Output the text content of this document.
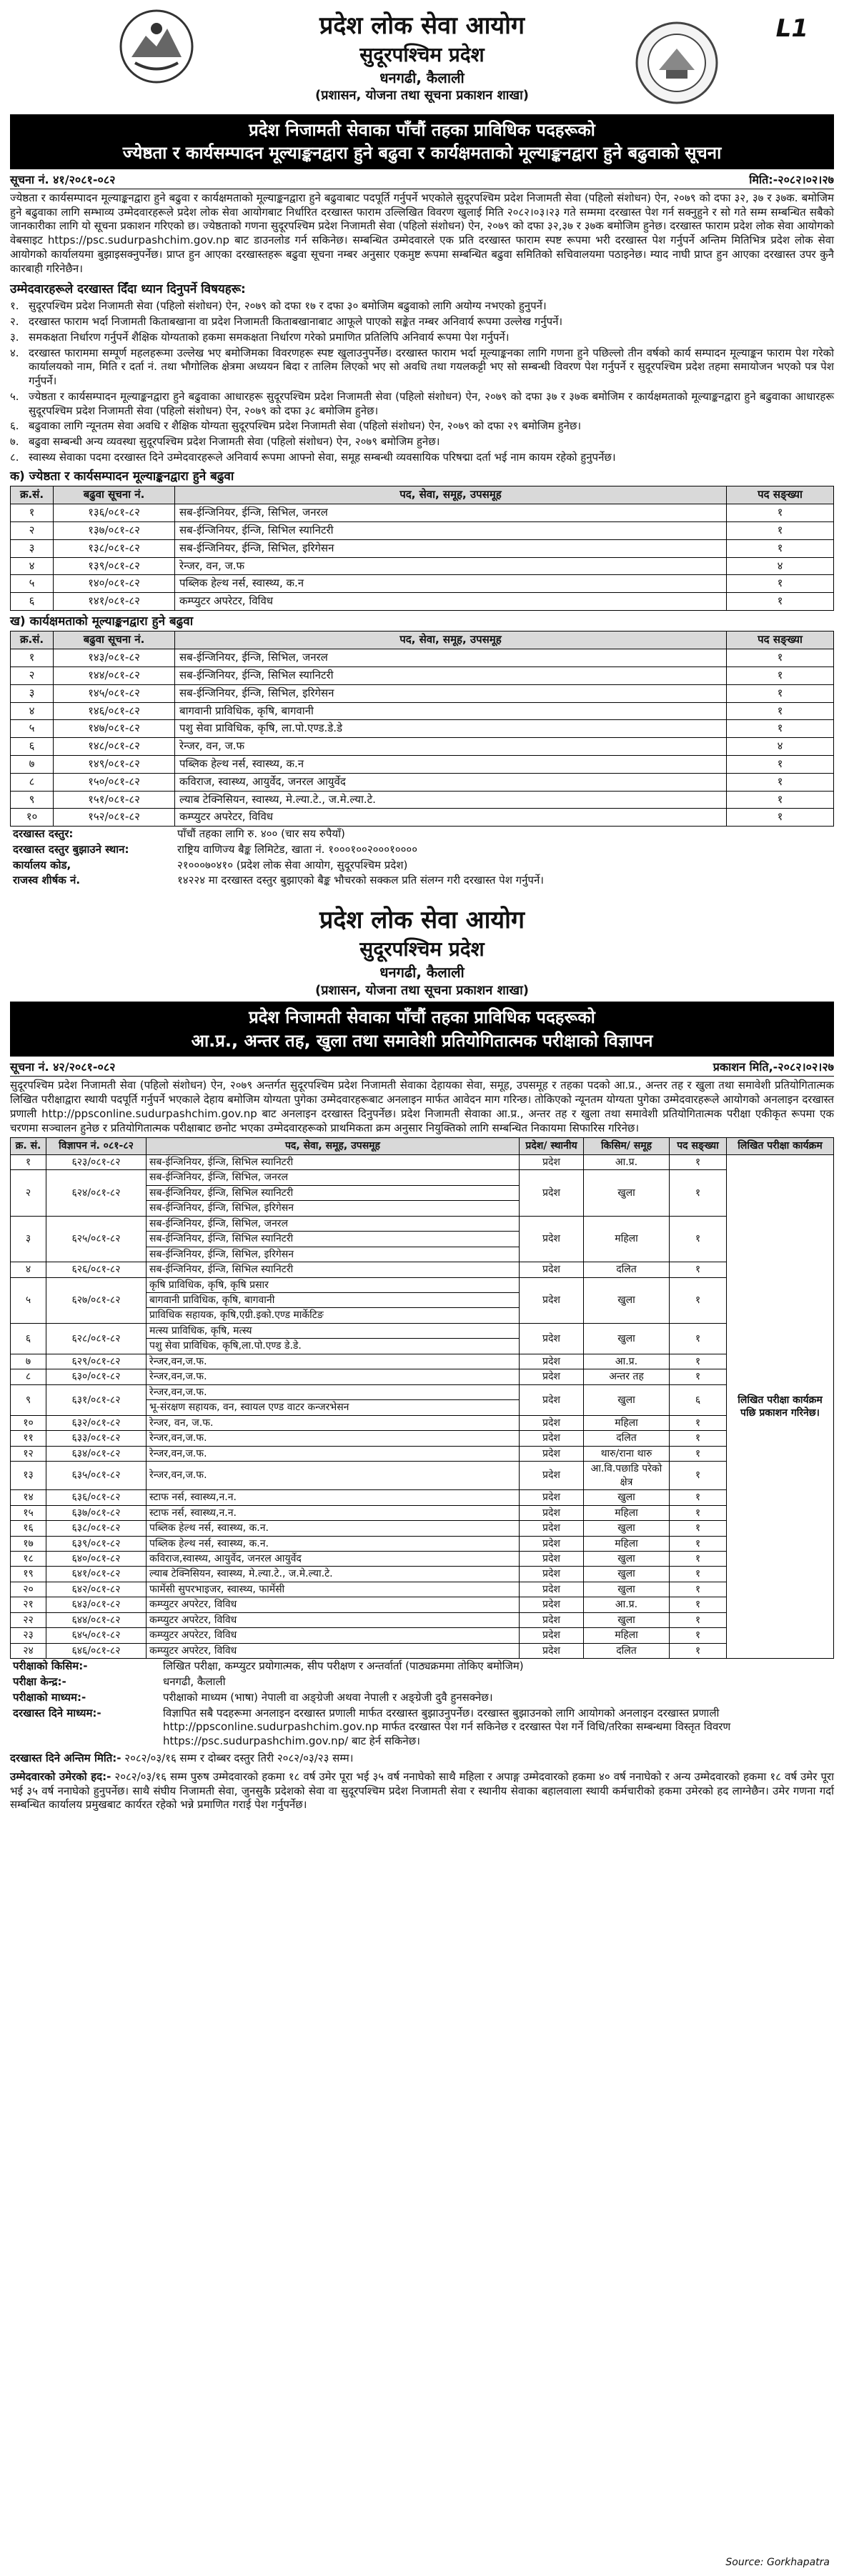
प्रदेश लोक सेवा आयोग
सुदूरपश्चिम प्रदेश
धनगढी, कैलाली
(प्रशासन, योजना तथा सूचना प्रकाशन शाखा)
L1
प्रदेश निजामती सेवाका पाँचौं तहका प्राविधिक पदहरूको
ज्येष्ठता र कार्यसम्पादन मूल्याङ्कनद्वारा हुने बढुवा र कार्यक्षमताको मूल्याङ्कनद्वारा हुने बढुवाको सूचना
सूचना नं. ४१/२०८१-०८२	मिति:-२०८२।०२।२७
ज्येष्ठता र कार्यसम्पादन मूल्याङ्कनद्वारा हुने बढुवा र कार्यक्षमताको मूल्याङ्कनद्वारा हुने बढुवाबाट पदपूर्ति गर्नुपर्ने भएकोले सुदूरपश्चिम प्रदेश निजामती सेवा (पहिलो संशोधन) ऐन, २०७९ को दफा ३२, ३७ र ३७क. बमोजिम हुने बढुवाका लागि सम्भाव्य उम्मेदवारहरूले प्रदेश लोक सेवा आयोगबाट निर्धारित दरखास्त फाराम उल्लिखित विवरण खुलाई मिति २०८२।०३।२३ गते सम्ममा दरखास्त पेश गर्न सक्नुहुने र सो गते सम्म सम्बन्धित सबैको जानकारीका लागि यो सूचना प्रकाशन गरिएको छ। ज्येष्ठताको गणना सुदूरपश्चिम प्रदेश निजामती सेवा (पहिलो संशोधन) ऐन, २०७९ को दफा ३२,३७ र ३७क बमोजिम हुनेछ। दरखास्त फाराम प्रदेश लोक सेवा आयोगको वेबसाइट https://psc.sudurpashchim.gov.np बाट डाउनलोड गर्न सकिनेछ। सम्बन्धित उम्मेदवारले एक प्रति दरखास्त फाराम स्पष्ट रूपमा भरी दरखास्त पेश गर्नुपर्ने अन्तिम मितिभित्र प्रदेश लोक सेवा आयोगको कार्यालयमा बुझाइसक्नुपर्नेछ। प्राप्त हुन आएका दरखास्तहरू बढुवा सूचना नम्बर अनुसार एकमुष्ट रूपमा सम्बन्धित बढुवा समितिको सचिवालयमा पठाइनेछ। म्याद नाघी प्राप्त हुन आएका दरखास्त उपर कुनै कारबाही गरिनेछैन।
उम्मेदवारहरूले दरखास्त दिँदा ध्यान दिनुपर्ने विषयहरू:
१. सुदूरपश्चिम प्रदेश निजामती सेवा (पहिलो संशोधन) ऐन, २०७९ को दफा १७ र दफा ३० बमोजिम बढुवाको लागि अयोग्य नभएको हुनुपर्ने।
२. दरखास्त फाराम भर्दा निजामती किताबखाना वा प्रदेश निजामती किताबखानाबाट आफूले पाएको सङ्केत नम्बर अनिवार्य रूपमा उल्लेख गर्नुपर्ने।
३. समकक्षता निर्धारण गर्नुपर्ने शैक्षिक योग्यताको हकमा समकक्षता निर्धारण गरेको प्रमाणित प्रतिलिपि अनिवार्य रूपमा पेश गर्नुपर्ने।
४. दरखास्त फाराममा सम्पूर्ण महलहरूमा उल्लेख भए बमोजिमका विवरणहरू स्पष्ट खुलाउनुपर्नेछ। दरखास्त फाराम भर्दा मूल्याङ्कनका लागि गणना हुने पछिल्लो तीन वर्षको कार्य सम्पादन मूल्याङ्कन फाराम पेश गरेको कार्यालयको नाम, मिति र दर्ता नं. तथा भौगोलिक क्षेत्रमा अध्ययन बिदा र तालिम लिएको भए सो अवधि तथा गयलकट्टी भए सो सम्बन्धी विवरण पेश गर्नुपर्ने र सुदूरपश्चिम प्रदेश तहमा समायोजन भएको पत्र पेश गर्नुपर्ने।
५. ज्येष्ठता र कार्यसम्पादन मूल्याङ्कनद्वारा हुने बढुवाका आधारहरू सुदूरपश्चिम प्रदेश निजामती सेवा (पहिलो संशोधन) ऐन, २०७९ को दफा ३७ र ३७क बमोजिम र कार्यक्षमताको मूल्याङ्कनद्वारा हुने बढुवाका आधारहरू सुदूरपश्चिम प्रदेश निजामती सेवा (पहिलो संशोधन) ऐन, २०७९ को दफा ३८ बमोजिम हुनेछ।
६. बढुवाका लागि न्यूनतम सेवा अवधि र शैक्षिक योग्यता सुदूरपश्चिम प्रदेश निजामती सेवा (पहिलो संशोधन) ऐन, २०७९ को दफा २९ बमोजिम हुनेछ।
७. बढुवा सम्बन्धी अन्य व्यवस्था सुदूरपश्चिम प्रदेश निजामती सेवा (पहिलो संशोधन) ऐन, २०७९ बमोजिम हुनेछ।
८. स्वास्थ्य सेवाका पदमा दरखास्त दिने उम्मेदवारहरूले अनिवार्य रूपमा आफ्नो सेवा, समूह सम्बन्धी व्यवसायिक परिषद्मा दर्ता भई नाम कायम रहेको हुनुपर्नेछ।
क) ज्येष्ठता र कार्यसम्पादन मूल्याङ्कनद्वारा हुने बढुवा
क्र.सं.	बढुवा सूचना नं.	पद, सेवा, समूह, उपसमूह	पद सङ्ख्या
१	१३६/०८१-८२	सब-ईन्जिनियर, ईन्जि, सिभिल, जनरल	१
२	१३७/०८१-८२	सब-ईन्जिनियर, ईन्जि, सिभिल स्यानिटरी	१
३	१३८/०८१-८२	सब-ईन्जिनियर, ईन्जि, सिभिल, इरिगेसन	१
४	१३९/०८१-८२	रेन्जर, वन, ज.फ	४
५	१४०/०८१-८२	पब्लिक हेल्थ नर्स, स्वास्थ्य, क.न	१
६	१४१/०८१-८२	कम्प्युटर अपरेटर, विविध	१
ख) कार्यक्षमताको मूल्याङ्कनद्वारा हुने बढुवा
क्र.सं.	बढुवा सूचना नं.	पद, सेवा, समूह, उपसमूह	पद सङ्ख्या
१	१४३/०८१-८२	सब-ईन्जिनियर, ईन्जि, सिभिल, जनरल	१
२	१४४/०८१-८२	सब-ईन्जिनियर, ईन्जि, सिभिल स्यानिटरी	१
३	१४५/०८१-८२	सब-ईन्जिनियर, ईन्जि, सिभिल, इरिगेसन	१
४	१४६/०८१-८२	बागवानी प्राविधिक, कृषि, बागवानी	१
५	१४७/०८१-८२	पशु सेवा प्राविधिक, कृषि, ला.पो.एण्ड.डे.डे	१
६	१४८/०८१-८२	रेन्जर, वन, ज.फ	४
७	१४९/०८१-८२	पब्लिक हेल्थ नर्स, स्वास्थ्य, क.न	१
८	१५०/०८१-८२	कविराज, स्वास्थ्य, आयुर्वेद, जनरल आयुर्वेद	१
९	१५१/०८१-८२	ल्याब टेक्निसियन, स्वास्थ्य, मे.ल्या.टे., ज.मे.ल्या.टे.	१
१०	१५२/०८१-८२	कम्प्युटर अपरेटर, विविध	१
दरखास्त दस्तुर:	पाँचौं तहका लागि रु. ४०० (चार सय रुपैयाँ)
दरखास्त दस्तुर बुझाउने स्थान:	राष्ट्रिय वाणिज्य बैङ्क लिमिटेड, खाता नं. १०००१००२०००१००००
कार्यालय कोड,	२१०००७०४१० (प्रदेश लोक सेवा आयोग, सुदूरपश्चिम प्रदेश)
राजस्व शीर्षक नं.	१४२२४ मा दरखास्त दस्तुर बुझाएको बैङ्क भौचरको सक्कल प्रति संलग्न गरी दरखास्त पेश गर्नुपर्ने।
प्रदेश लोक सेवा आयोग
सुदूरपश्चिम प्रदेश
धनगढी, कैलाली
(प्रशासन, योजना तथा सूचना प्रकाशन शाखा)
प्रदेश निजामती सेवाका पाँचौं तहका प्राविधिक पदहरूको
आ.प्र., अन्तर तह, खुला तथा समावेशी प्रतियोगितात्मक परीक्षाको विज्ञापन
सूचना नं. ४२/२०८१-०८२	प्रकाशन मिति,-२०८२।०२।२७
सुदूरपश्चिम प्रदेश निजामती सेवा (पहिलो संशोधन) ऐन, २०७९ अन्तर्गत सुदूरपश्चिम प्रदेश निजामती सेवाका देहायका सेवा, समूह, उपसमूह र तहका पदको आ.प्र., अन्तर तह र खुला तथा समावेशी प्रतियोगितात्मक लिखित परीक्षाद्वारा स्थायी पदपूर्ति गर्नुपर्ने भएकाले देहाय बमोजिम योग्यता पुगेका उम्मेदवारहरूबाट अनलाइन मार्फत आवेदन माग गरिन्छ। तोकिएको न्यूनतम योग्यता पुगेका उम्मेदवारहरूले आयोगको अनलाइन दरखास्त प्रणाली http://ppsconline.sudurpashchim.gov.np बाट अनलाइन दरखास्त दिनुपर्नेछ। प्रदेश निजामती सेवाका आ.प्र., अन्तर तह र खुला तथा समावेशी प्रतियोगितात्मक परीक्षा एकीकृत रूपमा एक चरणमा सञ्चालन हुनेछ र प्रतियोगितात्मक परीक्षाबाट छनोट भएका उम्मेदवारहरूको प्राथमिकता क्रम अनुसार नियुक्तिको लागि सम्बन्धित निकायमा सिफारिस गरिनेछ।
क्र. सं.	विज्ञापन नं. ०८१-८२	पद, सेवा, समूह, उपसमूह	प्रदेश/ स्थानीय	किसिम/ समूह	पद सङ्ख्या	लिखित परीक्षा कार्यक्रम
१	६२३/०८१-८२	सब-ईन्जिनियर, ईन्जि, सिभिल स्यानिटरी	प्रदेश	आ.प्र.	१	लिखित परीक्षा कार्यक्रम पछि प्रकाशन गरिनेछ।
२	६२४/०८१-८२	सब-ईन्जिनियर, ईन्जि, सिभिल, जनरल	प्रदेश	खुला	१	
		सब-ईन्जिनियर, ईन्जि, सिभिल स्यानिटरी				
		सब-ईन्जिनियर, ईन्जि, सिभिल, इरिगेसन				
३	६२५/०८१-८२	सब-ईन्जिनियर, ईन्जि, सिभिल, जनरल	प्रदेश	महिला	१	
		सब-ईन्जिनियर, ईन्जि, सिभिल स्यानिटरी				
		सब-ईन्जिनियर, ईन्जि, सिभिल, इरिगेसन				
४	६२६/०८१-८२	सब-ईन्जिनियर, ईन्जि, सिभिल स्यानिटरी	प्रदेश	दलित	१	
५	६२७/०८१-८२	कृषि प्राविधिक, कृषि, कृषि प्रसार	प्रदेश	खुला	१	
		बागवानी प्राविधिक, कृषि, बागवानी				
		प्राविधिक सहायक, कृषि,एग्री.इको.एण्ड मार्केटिङ				
६	६२८/०८१-८२	मत्स्य प्राविधिक, कृषि, मत्स्य	प्रदेश	खुला	१	
		पशु सेवा प्राविधिक, कृषि,ला.पो.एण्ड डे.डे.				
७	६२९/०८१-८२	रेन्जर,वन,ज.फ.	प्रदेश	आ.प्र.	१	
८	६३०/०८१-८२	रेन्जर,वन,ज.फ.	प्रदेश	अन्तर तह	१	
९	६३१/०८१-८२	रेन्जर,वन,ज.फ.	प्रदेश	खुला	६	
		भू-संरक्षण सहायक, वन, स्वायल एण्ड वाटर कन्जरभेसन				
१०	६३२/०८१-८२	रेन्जर, वन, ज.फ.	प्रदेश	महिला	१	
११	६३३/०८१-८२	रेन्जर,वन,ज.फ.	प्रदेश	दलित	१	
१२	६३४/०८१-८२	रेन्जर,वन,ज.फ.	प्रदेश	थारु/राना थारु	१	
१३	६३५/०८१-८२	रेन्जर,वन,ज.फ.	प्रदेश	आ.वि.पछाडि परेको क्षेत्र	१	
१४	६३६/०८१-८२	स्टाफ नर्स, स्वास्थ्य,न.न.	प्रदेश	खुला	१	
१५	६३७/०८१-८२	स्टाफ नर्स, स्वास्थ्य,न.न.	प्रदेश	महिला	१	
१६	६३८/०८१-८२	पब्लिक हेल्थ नर्स, स्वास्थ्य, क.न.	प्रदेश	खुला	१	
१७	६३९/०८१-८२	पब्लिक हेल्थ नर्स, स्वास्थ्य, क.न.	प्रदेश	महिला	१	
१८	६४०/०८१-८२	कविराज,स्वास्थ्य, आयुर्वेद, जनरल आयुर्वेद	प्रदेश	खुला	१	
१९	६४१/०८१-८२	ल्याब टेक्निसियन, स्वास्थ्य, मे.ल्या.टे., ज.मे.ल्या.टे.	प्रदेश	खुला	१	
२०	६४२/०८१-८२	फार्मेसी सुपरभाइजर, स्वास्थ्य, फार्मेसी	प्रदेश	खुला	१	
२१	६४३/०८१-८२	कम्प्युटर अपरेटर, विविध	प्रदेश	आ.प्र.	१	
२२	६४४/०८१-८२	कम्प्युटर अपरेटर, विविध	प्रदेश	खुला	१	
२३	६४५/०८१-८२	कम्प्युटर अपरेटर, विविध	प्रदेश	महिला	१	
२४	६४६/०८१-८२	कम्प्युटर अपरेटर, विविध	प्रदेश	दलित	१	
परीक्षाको किसिम:-	लिखित परीक्षा, कम्प्युटर प्रयोगात्मक, सीप परीक्षण र अन्तर्वार्ता (पाठ्यक्रममा तोकिए बमोजिम)
परीक्षा केन्द्र:-	धनगढी, कैलाली
परीक्षाको माध्यम:-	परीक्षाको माध्यम (भाषा) नेपाली वा अङ्ग्रेजी अथवा नेपाली र अङ्ग्रेजी दुवै हुनसक्नेछ।
दरखास्त दिने माध्यम:-	विज्ञापित सबै पदहरूमा अनलाइन दरखास्त प्रणाली मार्फत दरखास्त बुझाउनुपर्नेछ। दरखास्त बुझाउनको लागि आयोगको अनलाइन दरखास्त प्रणाली http://ppsconline.sudurpashchim.gov.np मार्फत दरखास्त पेश गर्न सकिनेछ र दरखास्त पेश गर्ने विधि/तरिका सम्बन्धमा विस्तृत विवरण https://psc.sudurpashchim.gov.np/ बाट हेर्न सकिनेछ।
दरखास्त दिने अन्तिम मिति:- २०८२/०३/१६ सम्म र दोब्बर दस्तुर तिरी २०८२/०३/२३ सम्म।
उम्मेदवारको उमेरको हद:- २०८२/०३/१६ सम्म पुरुष उम्मेदवारको हकमा १८ वर्ष उमेर पूरा भई ३५ वर्ष ननाघेको साथै महिला र अपाङ्ग उम्मेदवारको हकमा ४० वर्ष ननाघेको र अन्य उम्मेदवारको हकमा १८ वर्ष उमेर पूरा भई ३५ वर्ष ननाघेको हुनुपर्नेछ। साथै संघीय निजामती सेवा, जुनसुकै प्रदेशको सेवा वा सुदूरपश्चिम प्रदेश निजामती सेवा र स्थानीय सेवाका बहालवाला स्थायी कर्मचारीको हकमा उमेरको हद लाग्नेछैन। उमेर गणना गर्दा सम्बन्धित कार्यालय प्रमुखबाट कार्यरत रहेको भन्ने प्रमाणित गराई पेश गर्नुपर्नेछ।
Source: Gorkhapatra
